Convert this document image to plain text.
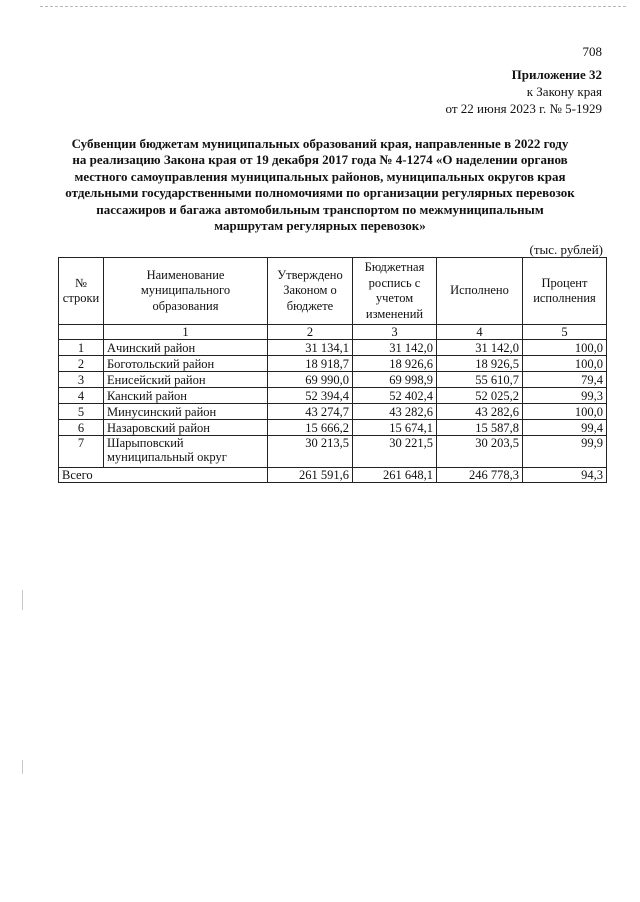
708
Приложение 32
к Закону края
от 22 июня 2023 г. № 5-1929
Субвенции бюджетам муниципальных образований края, направленные в 2022 году
на реализацию Закона края от 19 декабря 2017 года № 4-1274 «О наделении органов
местного самоуправления муниципальных районов, муниципальных округов края
отдельными государственными полномочиями по организации регулярных перевозок
пассажиров и багажа автомобильным транспортом по межмуниципальным
маршрутам регулярных перевозок»
(тыс. рублей)
№ строки	Наименование муниципального образования	Утверждено Законом о бюджете	Бюджетная роспись с учетом изменений	Исполнено	Процент исполнения
	1	2	3	4	5
1	Ачинский район	31 134,1	31 142,0	31 142,0	100,0
2	Боготольский район	18 918,7	18 926,6	18 926,5	100,0
3	Енисейский район	69 990,0	69 998,9	55 610,7	79,4
4	Канский район	52 394,4	52 402,4	52 025,2	99,3
5	Минусинский район	43 274,7	43 282,6	43 282,6	100,0
6	Назаровский район	15 666,2	15 674,1	15 587,8	99,4
7	Шарыповский муниципальный округ	30 213,5	30 221,5	30 203,5	99,9
Всего		261 591,6	261 648,1	246 778,3	94,3
